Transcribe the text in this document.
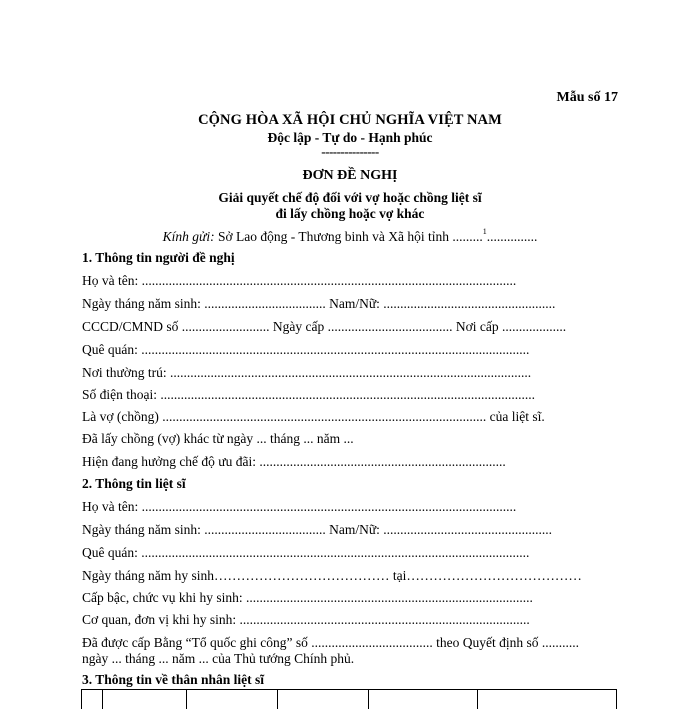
Mẫu số 17
CỘNG HÒA XÃ HỘI CHỦ NGHĨA VIỆT NAM
Độc lập - Tự do - Hạnh phúc
---------------
ĐƠN ĐỀ NGHỊ
Giải quyết chế độ đối với vợ hoặc chồng liệt sĩ
đi lấy chồng hoặc vợ khác
Kính gửi: Sở Lao động - Thương binh và Xã hội tỉnh .........$^1$...............
1. Thông tin người đề nghị
Họ và tên: ...............................................................................................................
Ngày tháng năm sinh: .................................... Nam/Nữ: ...................................................
CCCD/CMND số .......................... Ngày cấp ..................................... Nơi cấp ...................
Quê quán: ...................................................................................................................
Nơi thường trú: ...........................................................................................................
Số điện thoại: ...............................................................................................................
Là vợ (chồng) ................................................................................................ của liệt sĩ.
Đã lấy chồng (vợ) khác từ ngày ... tháng ... năm ...
Hiện đang hưởng chế độ ưu đãi: .........................................................................
2. Thông tin liệt sĩ
Họ và tên: ...............................................................................................................
Ngày tháng năm sinh: .................................... Nam/Nữ: ..................................................
Quê quán: ...................................................................................................................
Ngày tháng năm hy sinh………………………………… tại…………………………………
Cấp bậc, chức vụ khi hy sinh: .....................................................................................
Cơ quan, đơn vị khi hy sinh: ......................................................................................
Đã được cấp Bằng “Tổ quốc ghi công” số .................................... theo Quyết định số ...........
ngày ... tháng ... năm ... của Thủ tướng Chính phủ.
3. Thông tin về thân nhân liệt sĩ
